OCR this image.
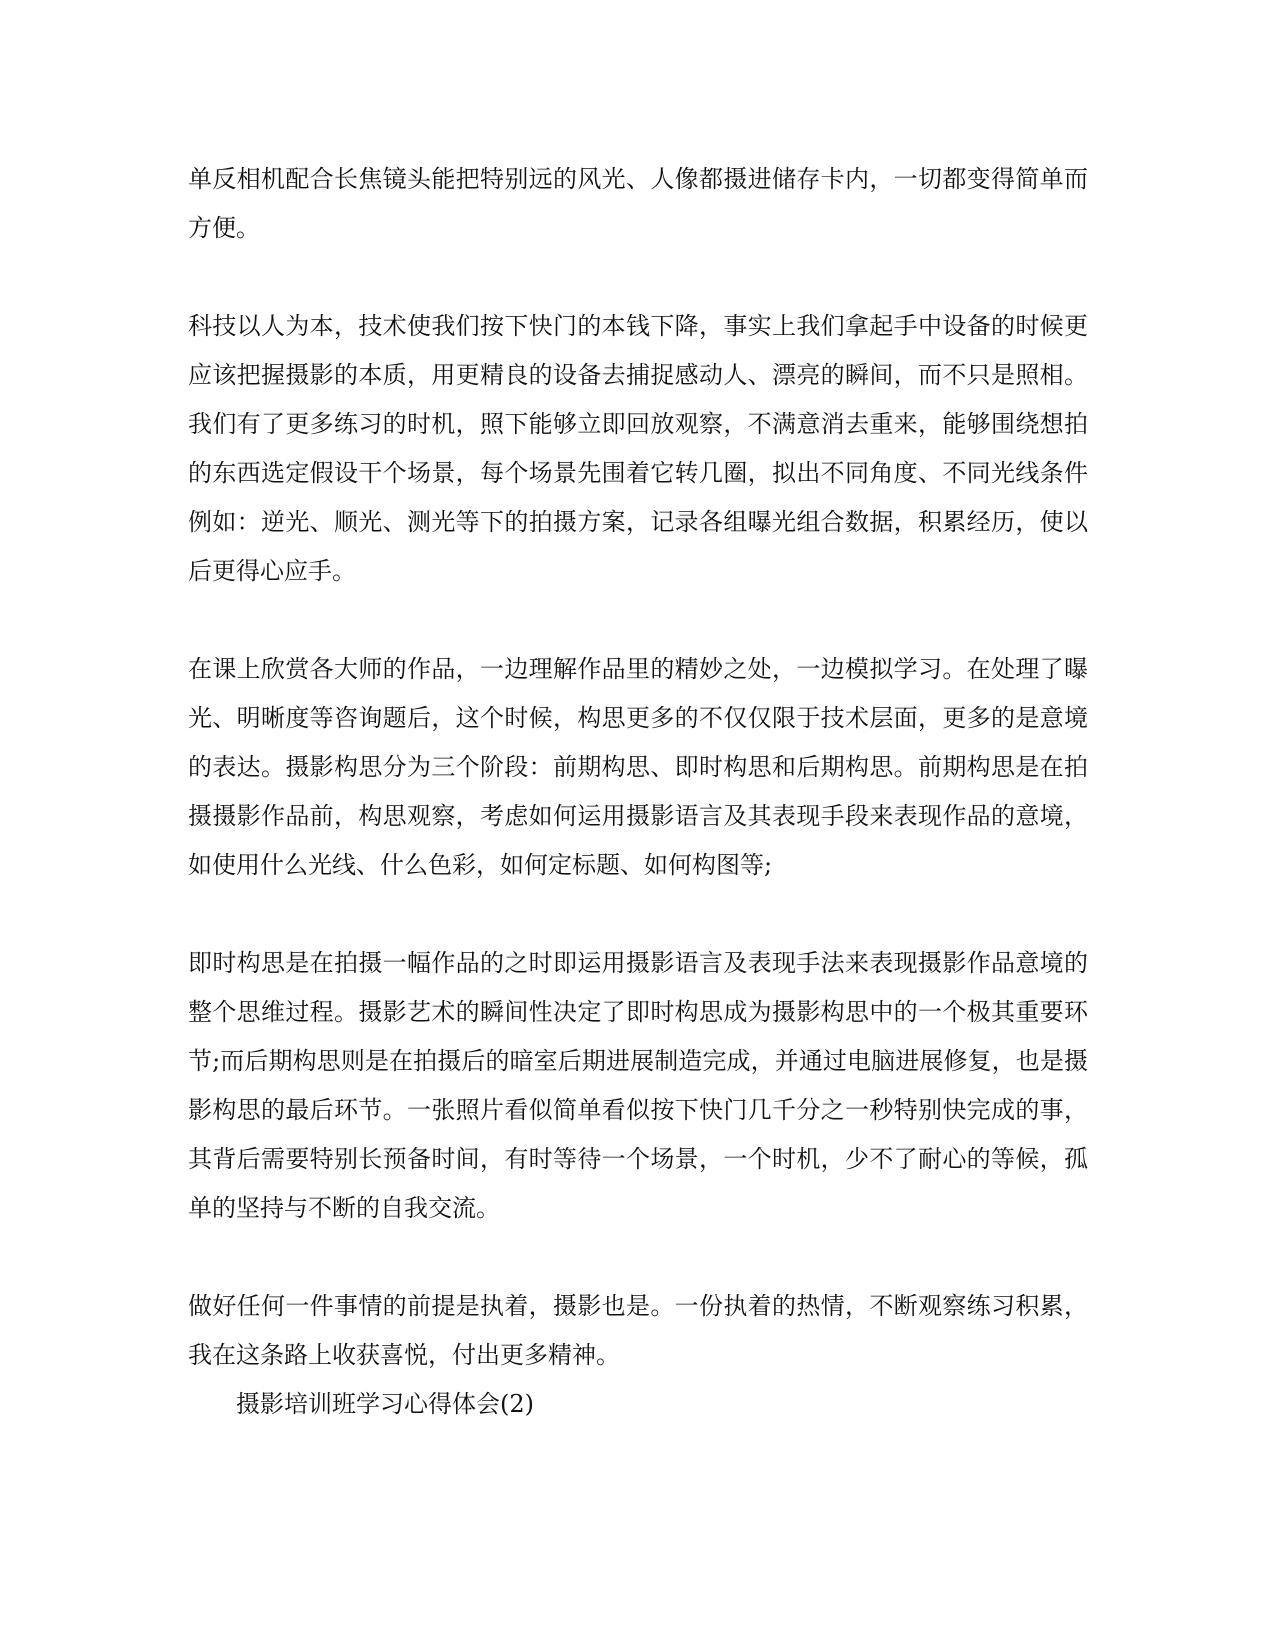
单反相机配合长焦镜头能把特别远的风光、人像都摄进储存卡内，一切都变得简单而方便。

科技以人为本，技术使我们按下快门的本钱下降，事实上我们拿起手中设备的时候更应该把握摄影的本质，用更精良的设备去捕捉感动人、漂亮的瞬间，而不只是照相。我们有了更多练习的时机，照下能够立即回放观察，不满意消去重来，能够围绕想拍的东西选定假设干个场景，每个场景先围着它转几圈，拟出不同角度、不同光线条件例如：逆光、顺光、测光等下的拍摄方案，记录各组曝光组合数据，积累经历，使以后更得心应手。

在课上欣赏各大师的作品，一边理解作品里的精妙之处，一边模拟学习。在处理了曝光、明晰度等咨询题后，这个时候，构思更多的不仅仅限于技术层面，更多的是意境的表达。摄影构思分为三个阶段：前期构思、即时构思和后期构思。前期构思是在拍摄摄影作品前，构思观察，考虑如何运用摄影语言及其表现手段来表现作品的意境，如使用什么光线、什么色彩，如何定标题、如何构图等;

即时构思是在拍摄一幅作品的之时即运用摄影语言及表现手法来表现摄影作品意境的整个思维过程。摄影艺术的瞬间性决定了即时构思成为摄影构思中的一个极其重要环节;而后期构思则是在拍摄后的暗室后期进展制造完成，并通过电脑进展修复，也是摄影构思的最后环节。一张照片看似简单看似按下快门几千分之一秒特别快完成的事，其背后需要特别长预备时间，有时等待一个场景，一个时机，少不了耐心的等候，孤单的坚持与不断的自我交流。

做好任何一件事情的前提是执着，摄影也是。一份执着的热情，不断观察练习积累，我在这条路上收获喜悦，付出更多精神。

摄影培训班学习心得体会(2)
